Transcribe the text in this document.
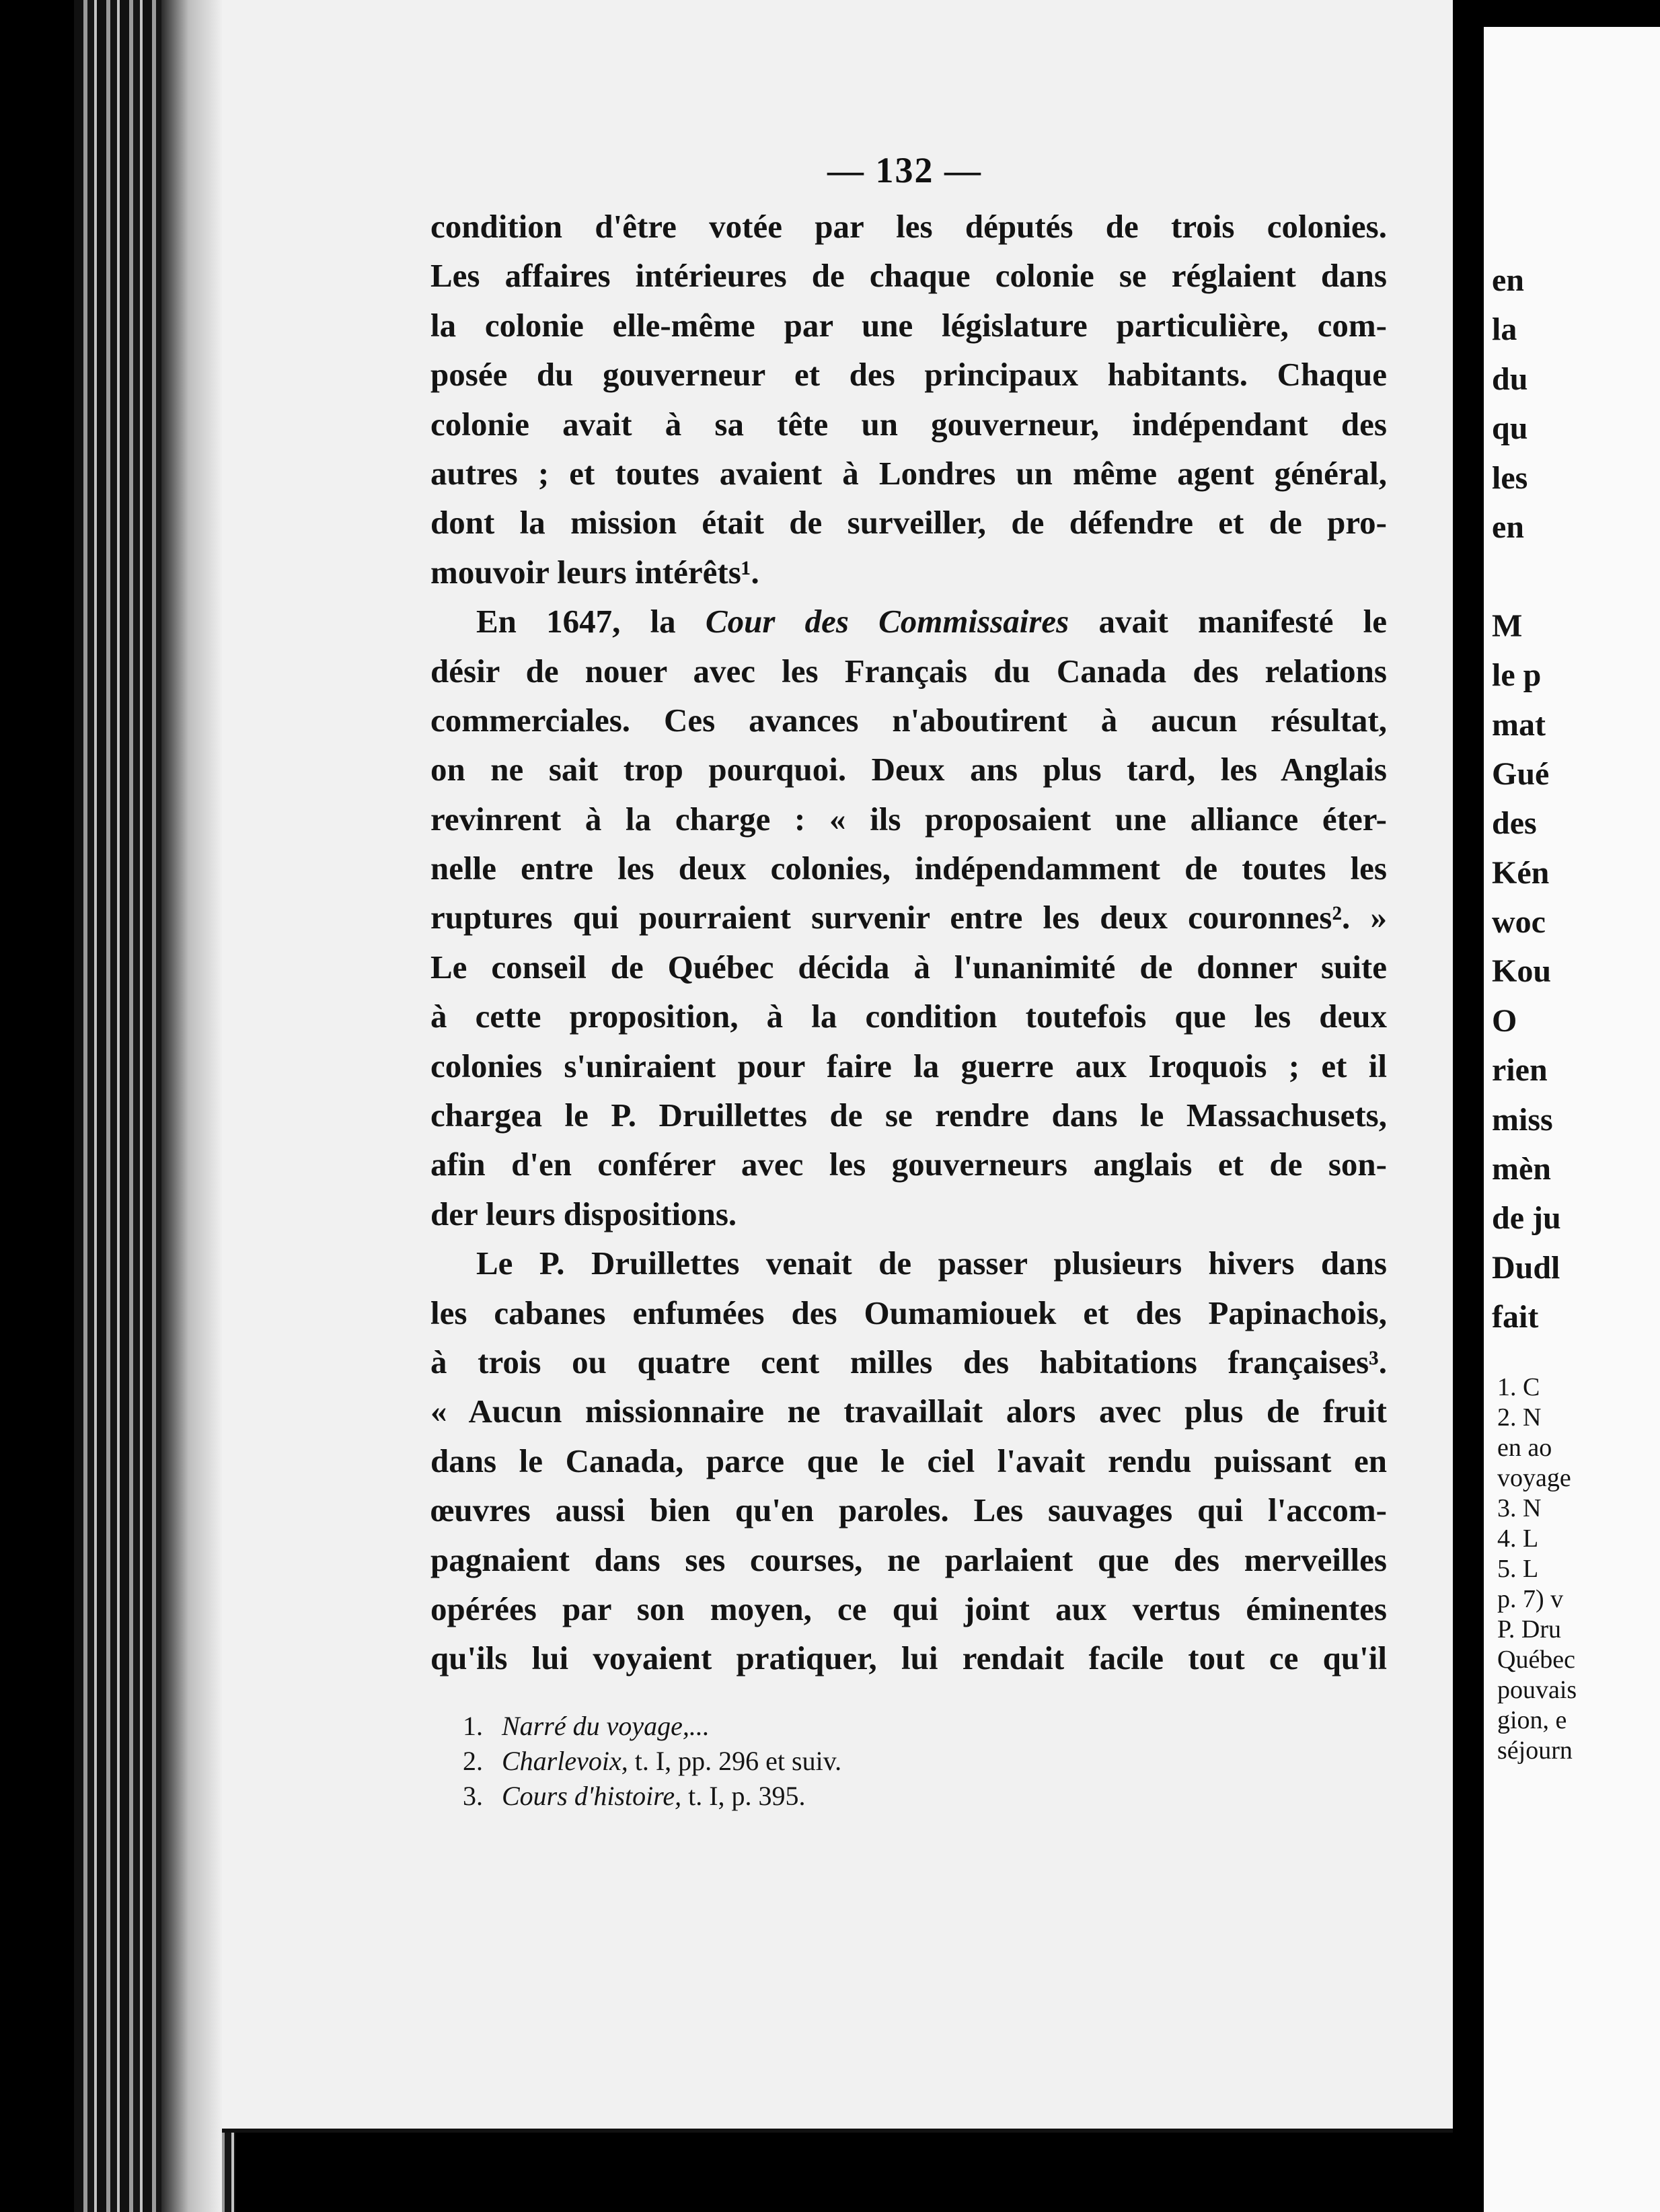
— 132 —
condition d'être votée par les députés de trois colonies.
Les affaires intérieures de chaque colonie se réglaient dans
la colonie elle-même par une législature particulière, com-
posée du gouverneur et des principaux habitants. Chaque
colonie avait à sa tête un gouverneur, indépendant des
autres ; et toutes avaient à Londres un même agent général,
dont la mission était de surveiller, de défendre et de pro-
mouvoir leurs intérêts¹.
En 1647, la Cour des Commissaires avait manifesté le
désir de nouer avec les Français du Canada des relations
commerciales. Ces avances n'aboutirent à aucun résultat,
on ne sait trop pourquoi. Deux ans plus tard, les Anglais
revinrent à la charge : « ils proposaient une alliance éter-
nelle entre les deux colonies, indépendamment de toutes les
ruptures qui pourraient survenir entre les deux couronnes². »
Le conseil de Québec décida à l'unanimité de donner suite
à cette proposition, à la condition toutefois que les deux
colonies s'uniraient pour faire la guerre aux Iroquois ; et il
chargea le P. Druillettes de se rendre dans le Massachusets,
afin d'en conférer avec les gouverneurs anglais et de son-
der leurs dispositions.
Le P. Druillettes venait de passer plusieurs hivers dans
les cabanes enfumées des Oumamiouek et des Papinachois,
à trois ou quatre cent milles des habitations françaises³.
« Aucun missionnaire ne travaillait alors avec plus de fruit
dans le Canada, parce que le ciel l'avait rendu puissant en
œuvres aussi bien qu'en paroles. Les sauvages qui l'accom-
pagnaient dans ses courses, ne parlaient que des merveilles
opérées par son moyen, ce qui joint aux vertus éminentes
qu'ils lui voyaient pratiquer, lui rendait facile tout ce qu'il
1. Narré du voyage,...
2. Charlevoix, t. I, pp. 296 et suiv.
3. Cours d'histoire, t. I, p. 395.
en
la
du
qu
les
en
M
le p
mat
Gué
des
Kén
woc
Kou
O
rien
miss
mèn
de ju
Dudl
fait
1. C
2. N
en ao
voyage
3. N
4. L
5. L
p. 7) v
P. Dru
Québec
pouvais
gion, e
séjourn
